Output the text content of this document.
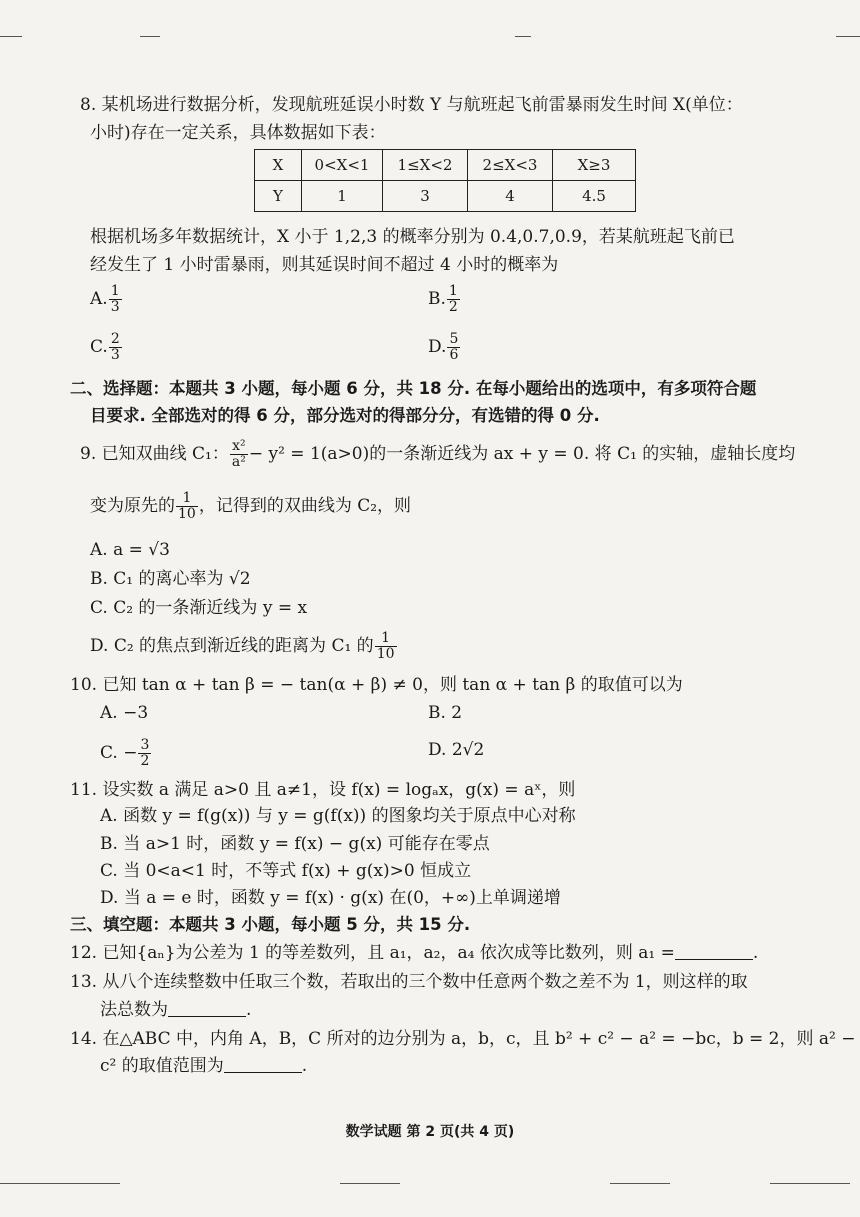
8. 某机场进行数据分析，发现航班延误小时数 Y 与航班起飞前雷暴雨发生时间 X(单位：
小时)存在一定关系，具体数据如下表：
X	0<X<1	1≤X<2	2≤X<3	X≥3
Y	1	3	4	4.5
根据机场多年数据统计，X 小于 1,2,3 的概率分别为 0.4,0.7,0.9，若某航班起飞前已
经发生了 1 小时雷暴雨，则其延误时间不超过 4 小时的概率为
A. $\frac{1}{3}$	B. $\frac{1}{2}$
C. $\frac{2}{3}$	D. $\frac{5}{6}$
二、选择题：本题共 3 小题，每小题 6 分，共 18 分. 在每小题给出的选项中，有多项符合题
目要求. 全部选对的得 6 分，部分选对的得部分分，有选错的得 0 分.
9. 已知双曲线 C₁： $\frac{\text{x²}}{\text{a²}} - y^2 = 1(a>0)$的一条渐近线为 ax + y = 0. 将 C₁ 的实轴，虚轴长度均
变为原先的 $\frac{1}{10}$ ，记得到的双曲线为 C₂，则
A. a = √3
B. C₁ 的离心率为 √2
C. C₂ 的一条渐近线为 y = x
D. C₂ 的焦点到渐近线的距离为 C₁ 的 $\frac{1}{10}$
10. 已知 tan α + tan β = − tan(α + β) ≠ 0，则 tan α + tan β 的取值可以为
A. −3	B. 2
C. − $\frac{3}{2}$	D. 2√2
11. 设实数 a 满足 a>0 且 a≠1，设 f(x) = logₐx，g(x) = aˣ，则
A. 函数 y = f(g(x)) 与 y = g(f(x)) 的图象均关于原点中心对称
B. 当 a>1 时，函数 y = f(x) − g(x) 可能存在零点
C. 当 0<a<1 时，不等式 f(x) + g(x)>0 恒成立
D. 当 a = e 时，函数 y = f(x) · g(x) 在(0，+∞)上单调递增
三、填空题：本题共 3 小题，每小题 5 分，共 15 分.
12. 已知{aₙ}为公差为 1 的等差数列，且 a₁，a₂，a₄ 依次成等比数列，则 a₁ =	.
13. 从八个连续整数中任取三个数，若取出的三个数中任意两个数之差不为 1，则这样的取
法总数为	.
14. 在△ABC 中，内角 A，B，C 所对的边分别为 a，b，c，且 b² + c² − a² = −bc，b = 2，则 a² −
c² 的取值范围为	.
数学试题 第 2 页(共 4 页)
